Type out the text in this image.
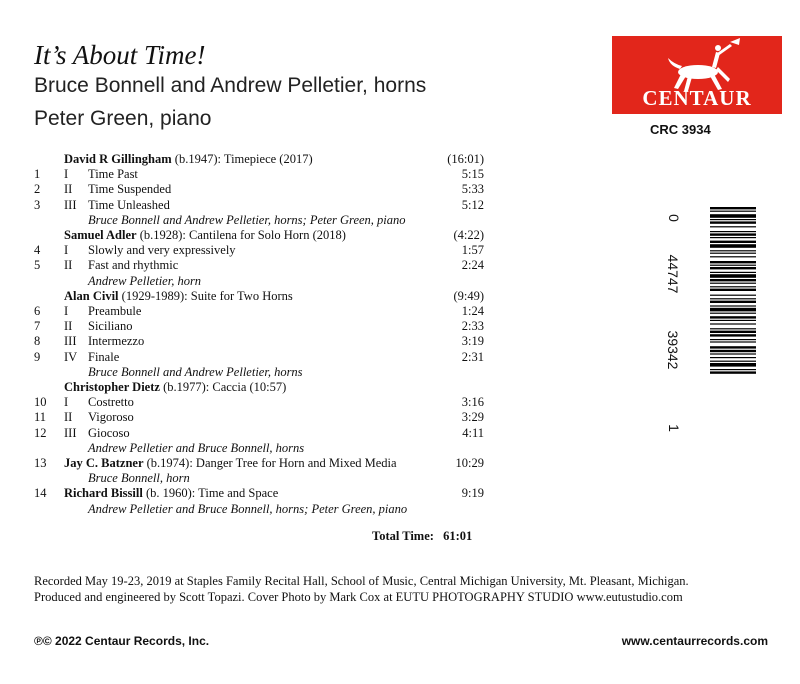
It’s About Time!
Bruce Bonnell and Andrew Pelletier, horns
Peter Green, piano
CENTAUR
CRC 3934
0
44747
39342
1
David R Gillingham (b.1947): Timepiece (2017)	(16:01)
1 I Time Past	5:15
2 II Time Suspended	5:33
3 III Time Unleashed	5:12
Bruce Bonnell and Andrew Pelletier, horns; Peter Green, piano
Samuel Adler (b.1928): Cantilena for Solo Horn (2018)	(4:22)
4 I Slowly and very expressively	1:57
5 II Fast and rhythmic	2:24
Andrew Pelletier, horn
Alan Civil (1929-1989): Suite for Two Horns	(9:49)
6 I Preambule	1:24
7 II Siciliano	2:33
8 III Intermezzo	3:19
9 IV Finale	2:31
Bruce Bonnell and Andrew Pelletier, horns
Christopher Dietz (b.1977): Caccia (10:57)
10 I Costretto	3:16
11 II Vigoroso	3:29
12 III Giocoso	4:11
Andrew Pelletier and Bruce Bonnell, horns
13 Jay C. Batzner (b.1974): Danger Tree for Horn and Mixed Media	10:29
Bruce Bonnell, horn
14 Richard Bissill (b. 1960): Time and Space	9:19
Andrew Pelletier and Bruce Bonnell, horns; Peter Green, piano
Total Time: 61:01
Recorded May 19-23, 2019 at Staples Family Recital Hall, School of Music, Central Michigan University, Mt. Pleasant, Michigan.
Produced and engineered by Scott Topazi. Cover Photo by Mark Cox at EUTU PHOTOGRAPHY STUDIO www.eutustudio.com
℗© 2022 Centaur Records, Inc.	www.centaurrecords.com
